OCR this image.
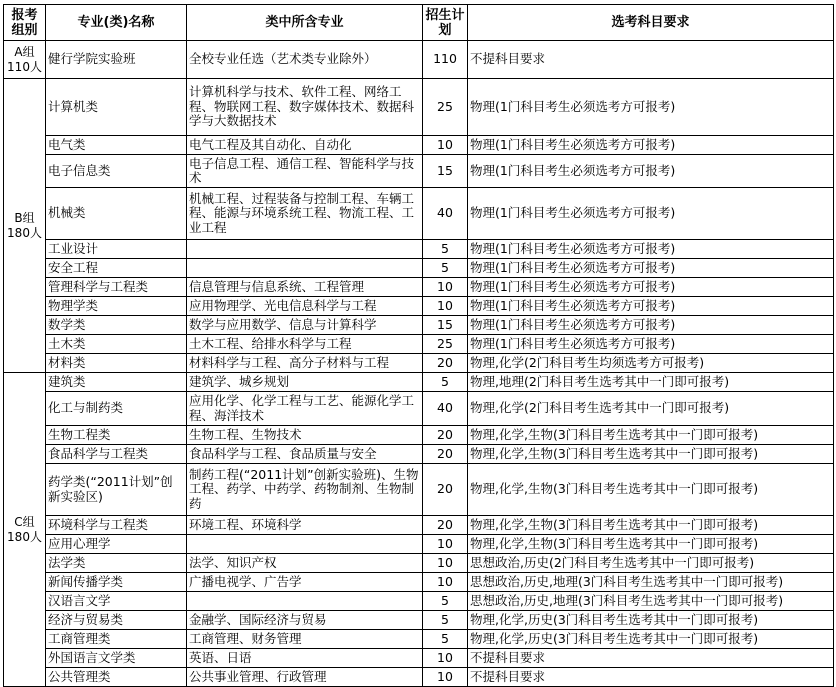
报考组别	专业(类)名称	类中所含专业	招生计划	选考科目要求

A组
110人	健行学院实验班	全校专业任选（艺术类专业除外）	110	不提科目要求

B组
180人	计算机类	计算机科学与技术、软件工程、网络工程、物联网工程、数字媒体技术、数据科学与大数据技术	25	物理(1门科目考生必须选考方可报考)
	电气类	电气工程及其自动化、自动化	10	物理(1门科目考生必须选考方可报考)
	电子信息类	电子信息工程、通信工程、智能科学与技术	15	物理(1门科目考生必须选考方可报考)
	机械类	机械工程、过程装备与控制工程、车辆工程、能源与环境系统工程、物流工程、工业工程	40	物理(1门科目考生必须选考方可报考)
	工业设计		5	物理(1门科目考生必须选考方可报考)
	安全工程		5	物理(1门科目考生必须选考方可报考)
	管理科学与工程类	信息管理与信息系统、工程管理	10	物理(1门科目考生必须选考方可报考)
	物理学类	应用物理学、光电信息科学与工程	10	物理(1门科目考生必须选考方可报考)
	数学类	数学与应用数学、信息与计算科学	15	物理(1门科目考生必须选考方可报考)
	土木类	土木工程、给排水科学与工程	25	物理(1门科目考生必须选考方可报考)
	材料类	材料科学与工程、高分子材料与工程	20	物理,化学(2门科目考生均须选考方可报考)

C组
180人	建筑类	建筑学、城乡规划	5	物理,地理(2门科目考生选考其中一门即可报考)
	化工与制药类	应用化学、化学工程与工艺、能源化学工程、海洋技术	40	物理,化学(2门科目考生选考其中一门即可报考)
	生物工程类	生物工程、生物技术	20	物理,化学,生物(3门科目考生选考其中一门即可报考)
	食品科学与工程类	食品科学与工程、食品质量与安全	20	物理,化学,生物(3门科目考生选考其中一门即可报考)
	药学类(“2011计划”创新实验区)	制药工程(“2011计划”创新实验班)、生物工程、药学、中药学、药物制剂、生物制药	20	物理,化学,生物(3门科目考生选考其中一门即可报考)
	环境科学与工程类	环境工程、环境科学	20	物理,化学,生物(3门科目考生选考其中一门即可报考)
	应用心理学		10	物理,化学,生物(3门科目考生选考其中一门即可报考)
	法学类	法学、知识产权	10	思想政治,历史(2门科目考生选考其中一门即可报考)
	新闻传播学类	广播电视学、广告学	10	思想政治,历史,地理(3门科目考生选考其中一门即可报考)
	汉语言文学		5	思想政治,历史,地理(3门科目考生选考其中一门即可报考)
	经济与贸易类	金融学、国际经济与贸易	5	物理,化学,历史(3门科目考生选考其中一门即可报考)
	工商管理类	工商管理、财务管理	5	物理,化学,历史(3门科目考生选考其中一门即可报考)
	外国语言文学类	英语、日语	10	不提科目要求
	公共管理类	公共事业管理、行政管理	10	不提科目要求
